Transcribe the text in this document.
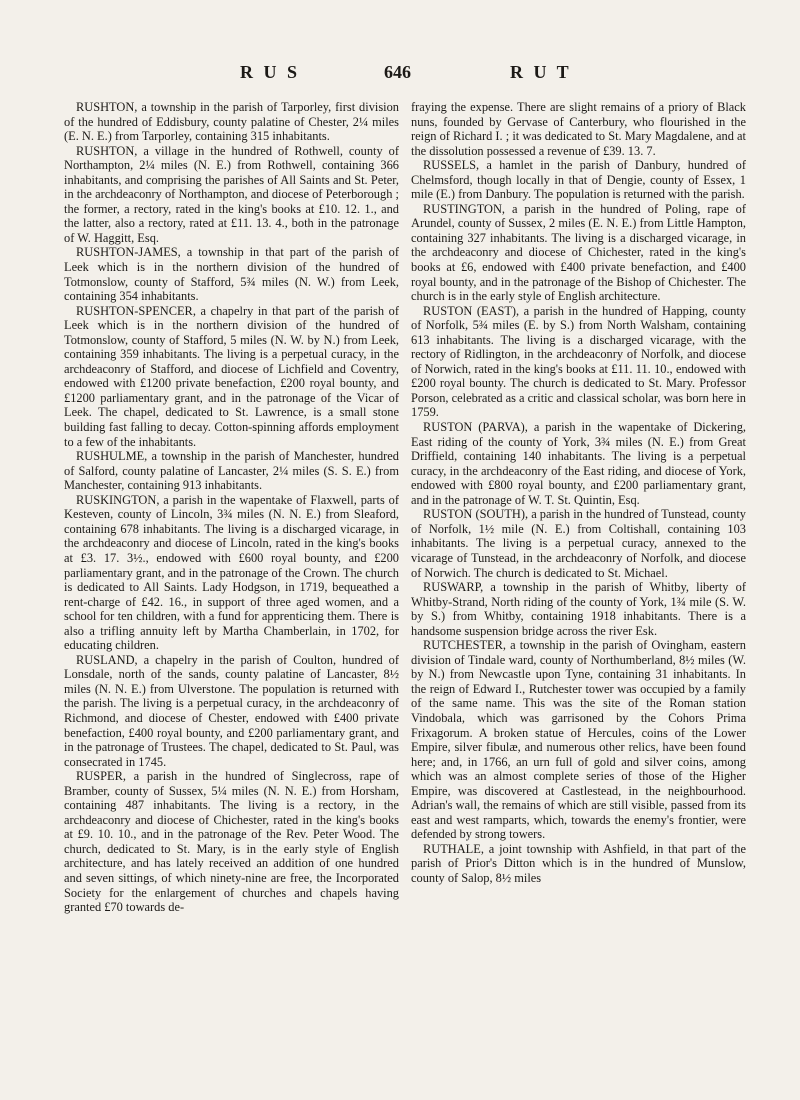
R U S	646	R U T

RUSHTON, a township in the parish of Tarporley, first division of the hundred of Eddisbury, county palatine of Chester, 2¼ miles (E. N. E.) from Tarporley, containing 315 inhabitants.

RUSHTON, a village in the hundred of Rothwell, county of Northampton, 2¼ miles (N. E.) from Rothwell, containing 366 inhabitants, and comprising the parishes of All Saints and St. Peter, in the archdeaconry of Northampton, and diocese of Peterborough ; the former, a rectory, rated in the king's books at £10. 12. 1., and the latter, also a rectory, rated at £11. 13. 4., both in the patronage of W. Haggitt, Esq.

RUSHTON-JAMES, a township in that part of the parish of Leek which is in the northern division of the hundred of Totmonslow, county of Stafford, 5¾ miles (N. W.) from Leek, containing 354 inhabitants.

RUSHTON-SPENCER, a chapelry in that part of the parish of Leek which is in the northern division of the hundred of Totmonslow, county of Stafford, 5 miles (N. W. by N.) from Leek, containing 359 inhabitants. The living is a perpetual curacy, in the archdeaconry of Stafford, and diocese of Lichfield and Coventry, endowed with £1200 private benefaction, £200 royal bounty, and £1200 parliamentary grant, and in the patronage of the Vicar of Leek. The chapel, dedicated to St. Lawrence, is a small stone building fast falling to decay. Cotton-spinning affords employment to a few of the inhabitants.

RUSHULME, a township in the parish of Manchester, hundred of Salford, county palatine of Lancaster, 2¼ miles (S. S. E.) from Manchester, containing 913 inhabitants.

RUSKINGTON, a parish in the wapentake of Flaxwell, parts of Kesteven, county of Lincoln, 3¾ miles (N. N. E.) from Sleaford, containing 678 inhabitants. The living is a discharged vicarage, in the archdeaconry and diocese of Lincoln, rated in the king's books at £3. 17. 3½., endowed with £600 royal bounty, and £200 parliamentary grant, and in the patronage of the Crown. The church is dedicated to All Saints. Lady Hodgson, in 1719, bequeathed a rent-charge of £42. 16., in support of three aged women, and a school for ten children, with a fund for apprenticing them. There is also a trifling annuity left by Martha Chamberlain, in 1702, for educating children.

RUSLAND, a chapelry in the parish of Coulton, hundred of Lonsdale, north of the sands, county palatine of Lancaster, 8½ miles (N. N. E.) from Ulverstone. The population is returned with the parish. The living is a perpetual curacy, in the archdeaconry of Richmond, and diocese of Chester, endowed with £400 private benefaction, £400 royal bounty, and £200 parliamentary grant, and in the patronage of Trustees. The chapel, dedicated to St. Paul, was consecrated in 1745.

RUSPER, a parish in the hundred of Singlecross, rape of Bramber, county of Sussex, 5¼ miles (N. N. E.) from Horsham, containing 487 inhabitants. The living is a rectory, in the archdeaconry and diocese of Chichester, rated in the king's books at £9. 10. 10., and in the patronage of the Rev. Peter Wood. The church, dedicated to St. Mary, is in the early style of English architecture, and has lately received an addition of one hundred and seven sittings, of which ninety-nine are free, the Incorporated Society for the enlargement of churches and chapels having granted £70 towards de-

fraying the expense. There are slight remains of a priory of Black nuns, founded by Gervase of Canterbury, who flourished in the reign of Richard I. ; it was dedicated to St. Mary Magdalene, and at the dissolution possessed a revenue of £39. 13. 7.

RUSSELS, a hamlet in the parish of Danbury, hundred of Chelmsford, though locally in that of Dengie, county of Essex, 1 mile (E.) from Danbury. The population is returned with the parish.

RUSTINGTON, a parish in the hundred of Poling, rape of Arundel, county of Sussex, 2 miles (E. N. E.) from Little Hampton, containing 327 inhabitants. The living is a discharged vicarage, in the archdeaconry and diocese of Chichester, rated in the king's books at £6, endowed with £400 private benefaction, and £400 royal bounty, and in the patronage of the Bishop of Chichester. The church is in the early style of English architecture.

RUSTON (EAST), a parish in the hundred of Happing, county of Norfolk, 5¾ miles (E. by S.) from North Walsham, containing 613 inhabitants. The living is a discharged vicarage, with the rectory of Ridlington, in the archdeaconry of Norfolk, and diocese of Norwich, rated in the king's books at £11. 11. 10., endowed with £200 royal bounty. The church is dedicated to St. Mary. Professor Porson, celebrated as a critic and classical scholar, was born here in 1759.

RUSTON (PARVA), a parish in the wapentake of Dickering, East riding of the county of York, 3¾ miles (N. E.) from Great Driffield, containing 140 inhabitants. The living is a perpetual curacy, in the archdeaconry of the East riding, and diocese of York, endowed with £800 royal bounty, and £200 parliamentary grant, and in the patronage of W. T. St. Quintin, Esq.

RUSTON (SOUTH), a parish in the hundred of Tunstead, county of Norfolk, 1½ mile (N. E.) from Coltishall, containing 103 inhabitants. The living is a perpetual curacy, annexed to the vicarage of Tunstead, in the archdeaconry of Norfolk, and diocese of Norwich. The church is dedicated to St. Michael.

RUSWARP, a township in the parish of Whitby, liberty of Whitby-Strand, North riding of the county of York, 1¾ mile (S. W. by S.) from Whitby, containing 1918 inhabitants. There is a handsome suspension bridge across the river Esk.

RUTCHESTER, a township in the parish of Ovingham, eastern division of Tindale ward, county of Northumberland, 8½ miles (W. by N.) from Newcastle upon Tyne, containing 31 inhabitants. In the reign of Edward I., Rutchester tower was occupied by a family of the same name. This was the site of the Roman station Vindobala, which was garrisoned by the Cohors Prima Frixagorum. A broken statue of Hercules, coins of the Lower Empire, silver fibulæ, and numerous other relics, have been found here; and, in 1766, an urn full of gold and silver coins, among which was an almost complete series of those of the Higher Empire, was discovered at Castlestead, in the neighbourhood. Adrian's wall, the remains of which are still visible, passed from its east and west ramparts, which, towards the enemy's frontier, were defended by strong towers.

RUTHALE, a joint township with Ashfield, in that part of the parish of Prior's Ditton which is in the hundred of Munslow, county of Salop, 8½ miles
